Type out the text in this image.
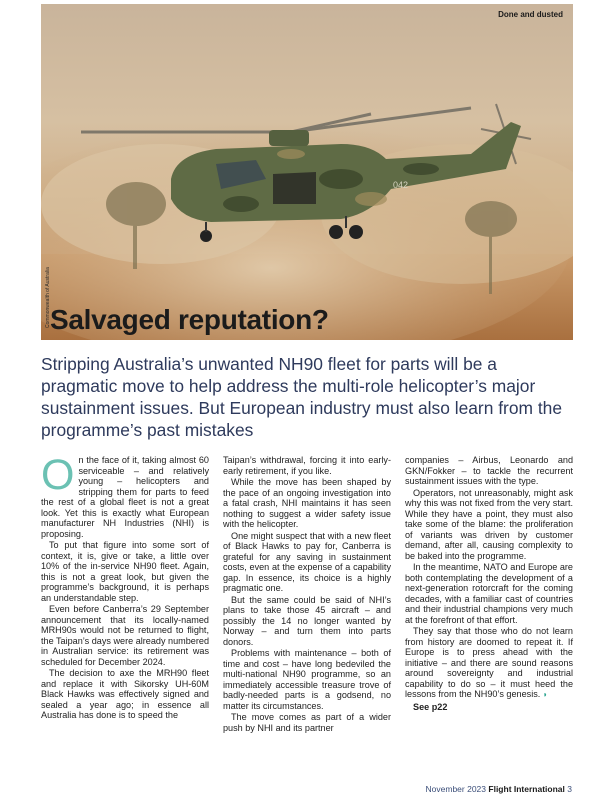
042
Done and dusted
Commonwealth of Australia Salvaged reputation?

Stripping Australia’s unwanted NH90 fleet for parts will be a pragmatic move to help address the multi-role helicopter’s major sustainment issues. But European industry must also learn from the programme’s past mistakes

On the face of it, taking almost 60 serviceable – and relatively young – helicopters and stripping them for parts to feed the rest of a global fleet is not a great look. Yet this is exactly what European manufacturer NH Industries (NHI) is proposing.

To put that figure into some sort of context, it is, give or take, a little over 10% of the in-service NH90 fleet. Again, this is not a great look, but given the programme’s background, it is perhaps an understandable step.

Even before Canberra’s 29 September announcement that its locally-named MRH90s would not be returned to flight, the Taipan’s days were already numbered in Australian service: its retirement was scheduled for December 2024.

The decision to axe the MRH90 fleet and replace it with Sikorsky UH-60M Black Hawks was effectively signed and sealed a year ago; in essence all Australia has done is to speed the

Taipan’s withdrawal, forcing it into early-early retirement, if you like.

While the move has been shaped by the pace of an ongoing investigation into a fatal crash, NHI maintains it has seen nothing to suggest a wider safety issue with the helicopter.

One might suspect that with a new fleet of Black Hawks to pay for, Canberra is grateful for any saving in sustainment costs, even at the expense of a capability gap. In essence, its choice is a highly pragmatic one.

But the same could be said of NHI’s plans to take those 45 aircraft – and possibly the 14 no longer wanted by Norway – and turn them into parts donors.

Problems with maintenance – both of time and cost – have long bedeviled the multi-national NH90 programme, so an immediately accessible treasure trove of badly-needed parts is a godsend, no matter its circumstances.

The move comes as part of a wider push by NHI and its partner

companies – Airbus, Leonardo and GKN/Fokker – to tackle the recurrent sustainment issues with the type.

Operators, not unreasonably, might ask why this was not fixed from the very start. While they have a point, they must also take some of the blame: the proliferation of variants was driven by customer demand, after all, causing complexity to be baked into the programme.

In the meantime, NATO and Europe are both contemplating the development of a next-generation rotorcraft for the coming decades, with a familiar cast of countries and their industrial champions very much at the forefront of that effort.

They say that those who do not learn from history are doomed to repeat it. If Europe is to press ahead with the initiative – and there are sound reasons around sovereignty and industrial capability to do so – it must heed the lessons from the NH90’s genesis. ◗

See p22

November 2023 Flight International 3
